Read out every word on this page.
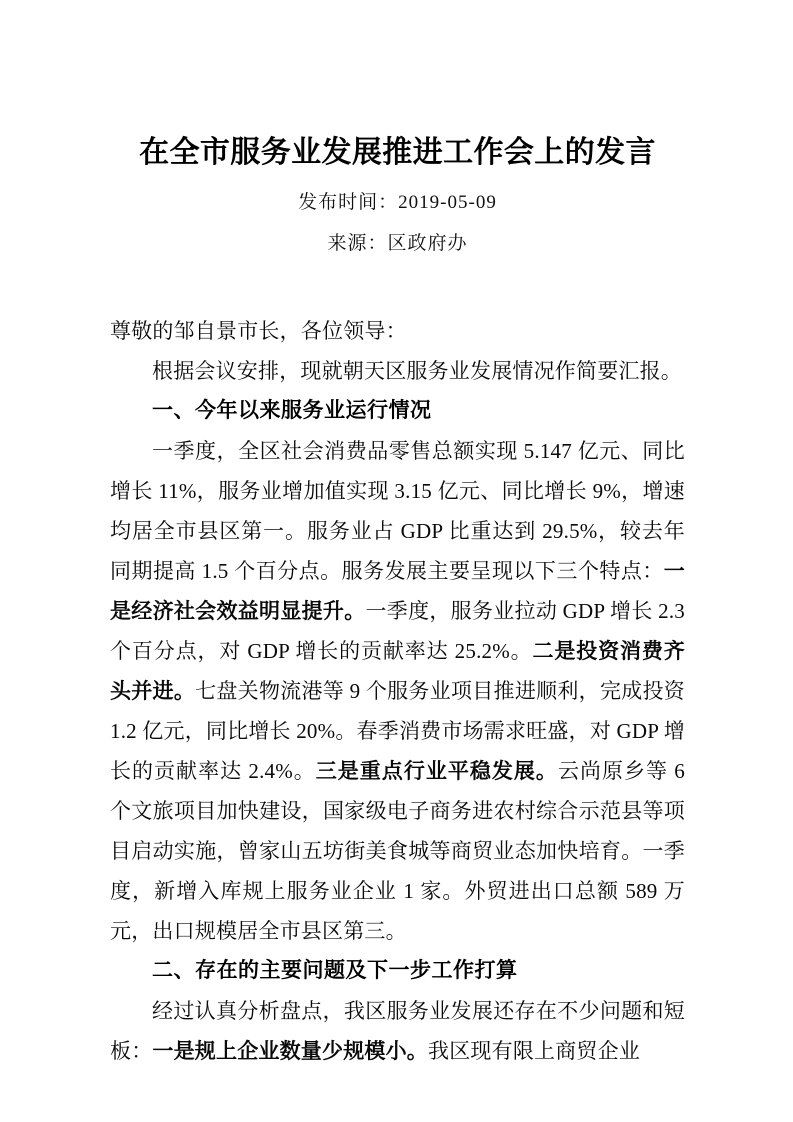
在全市服务业发展推进工作会上的发言
发布时间：2019-05-09
来源：区政府办

尊敬的邹自景市长，各位领导：

根据会议安排，现就朝天区服务业发展情况作简要汇报。

一、今年以来服务业运行情况

一季度，全区社会消费品零售总额实现 5.147 亿元、同比增长 11%，服务业增加值实现 3.15 亿元、同比增长 9%，增速均居全市县区第一。服务业占 GDP 比重达到 29.5%，较去年同期提高 1.5 个百分点。服务发展主要呈现以下三个特点：一是经济社会效益明显提升。一季度，服务业拉动 GDP 增长 2.3 个百分点，对 GDP 增长的贡献率达 25.2%。二是投资消费齐头并进。七盘关物流港等 9 个服务业项目推进顺利，完成投资 1.2 亿元，同比增长 20%。春季消费市场需求旺盛，对 GDP 增长的贡献率达 2.4%。三是重点行业平稳发展。云尚原乡等 6 个文旅项目加快建设，国家级电子商务进农村综合示范县等项目启动实施，曾家山五坊街美食城等商贸业态加快培育。一季度，新增入库规上服务业企业 1 家。外贸进出口总额 589 万元，出口规模居全市县区第三。

二、存在的主要问题及下一步工作打算

经过认真分析盘点，我区服务业发展还存在不少问题和短板：一是规上企业数量少规模小。我区现有限上商贸企业
